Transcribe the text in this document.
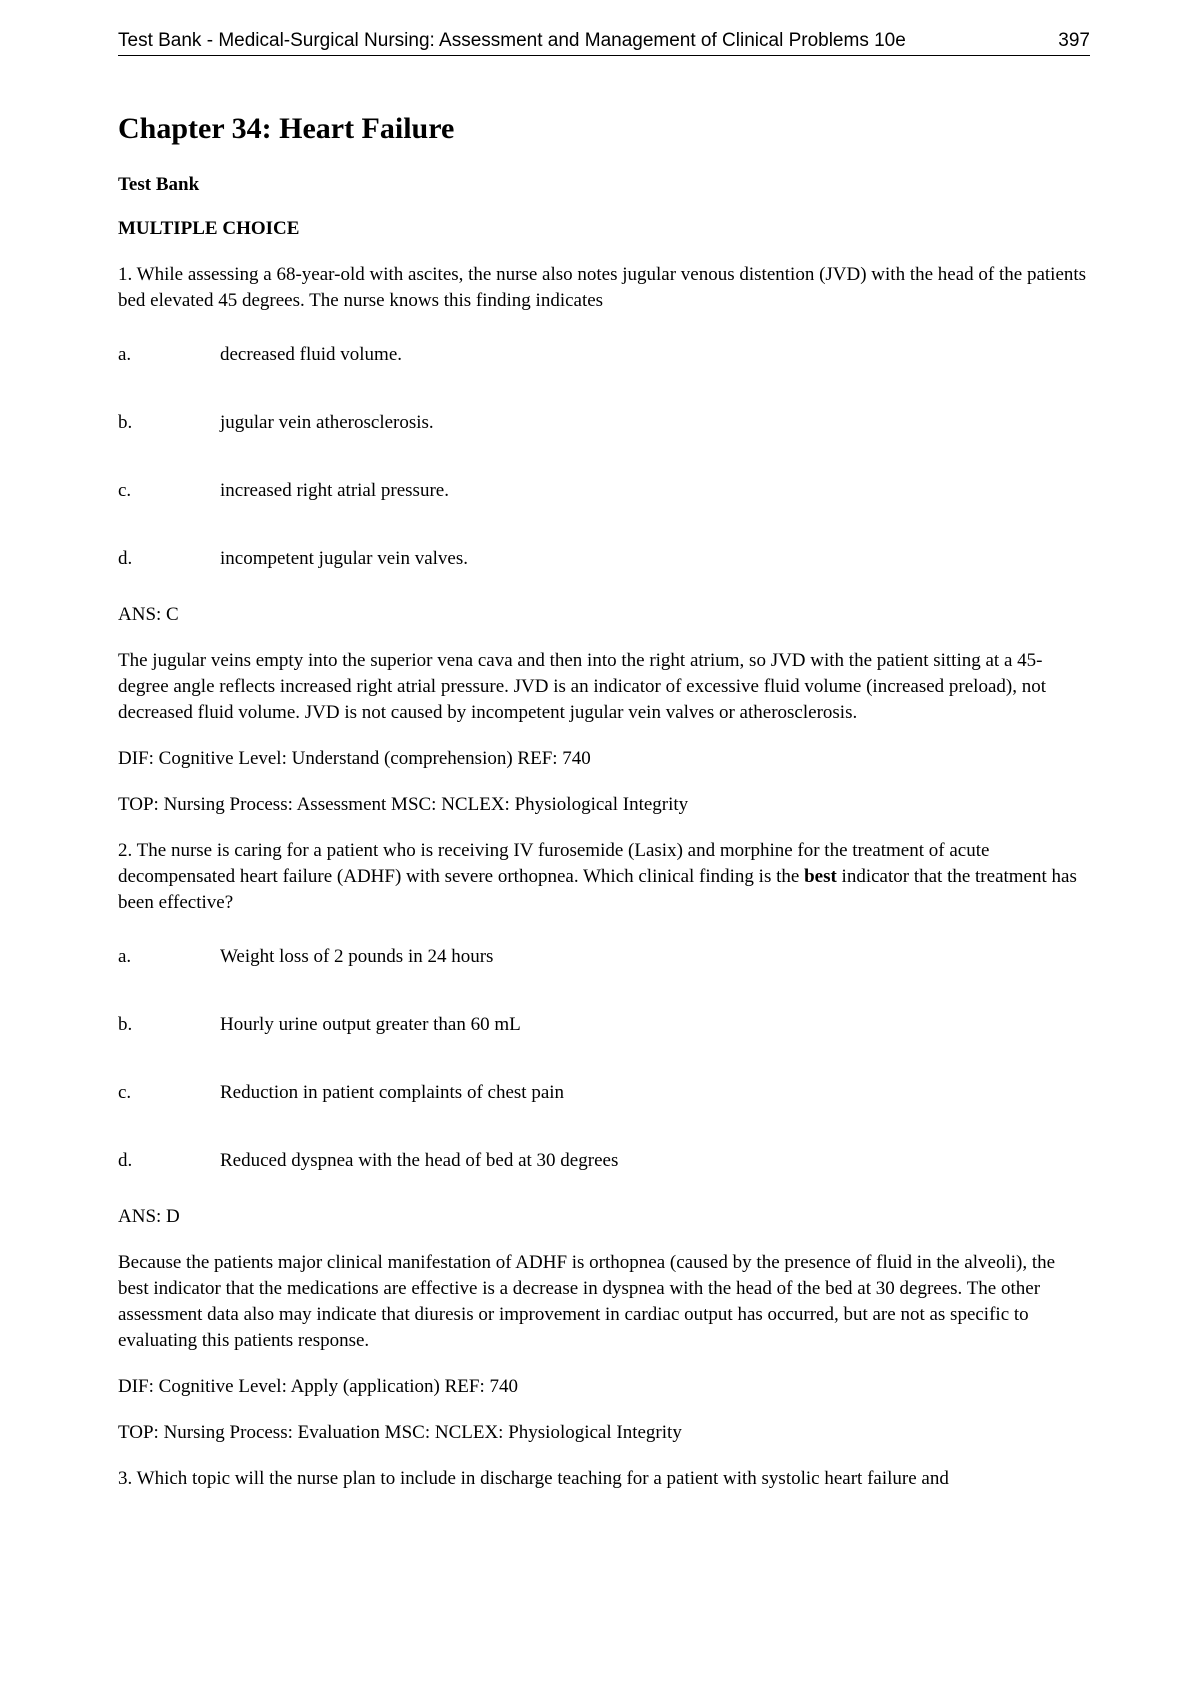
Test Bank - Medical-Surgical Nursing: Assessment and Management of Clinical Problems 10e	397
Chapter 34: Heart Failure
Test Bank
MULTIPLE CHOICE

1. While assessing a 68-year-old with ascites, the nurse also notes jugular venous distention (JVD) with the head of the patients bed elevated 45 degrees. The nurse knows this finding indicates

a.	decreased fluid volume.
b.	jugular vein atherosclerosis.
c.	increased right atrial pressure.
d.	incompetent jugular vein valves.

ANS: C

The jugular veins empty into the superior vena cava and then into the right atrium, so JVD with the patient sitting at a 45-degree angle reflects increased right atrial pressure. JVD is an indicator of excessive fluid volume (increased preload), not decreased fluid volume. JVD is not caused by incompetent jugular vein valves or atherosclerosis.

DIF: Cognitive Level: Understand (comprehension) REF: 740

TOP: Nursing Process: Assessment MSC: NCLEX: Physiological Integrity

2. The nurse is caring for a patient who is receiving IV furosemide (Lasix) and morphine for the treatment of acute decompensated heart failure (ADHF) with severe orthopnea. Which clinical finding is the best indicator that the treatment has been effective?

a.	Weight loss of 2 pounds in 24 hours
b.	Hourly urine output greater than 60 mL
c.	Reduction in patient complaints of chest pain
d.	Reduced dyspnea with the head of bed at 30 degrees

ANS: D

Because the patients major clinical manifestation of ADHF is orthopnea (caused by the presence of fluid in the alveoli), the best indicator that the medications are effective is a decrease in dyspnea with the head of the bed at 30 degrees. The other assessment data also may indicate that diuresis or improvement in cardiac output has occurred, but are not as specific to evaluating this patients response.

DIF: Cognitive Level: Apply (application) REF: 740

TOP: Nursing Process: Evaluation MSC: NCLEX: Physiological Integrity

3. Which topic will the nurse plan to include in discharge teaching for a patient with systolic heart failure and
